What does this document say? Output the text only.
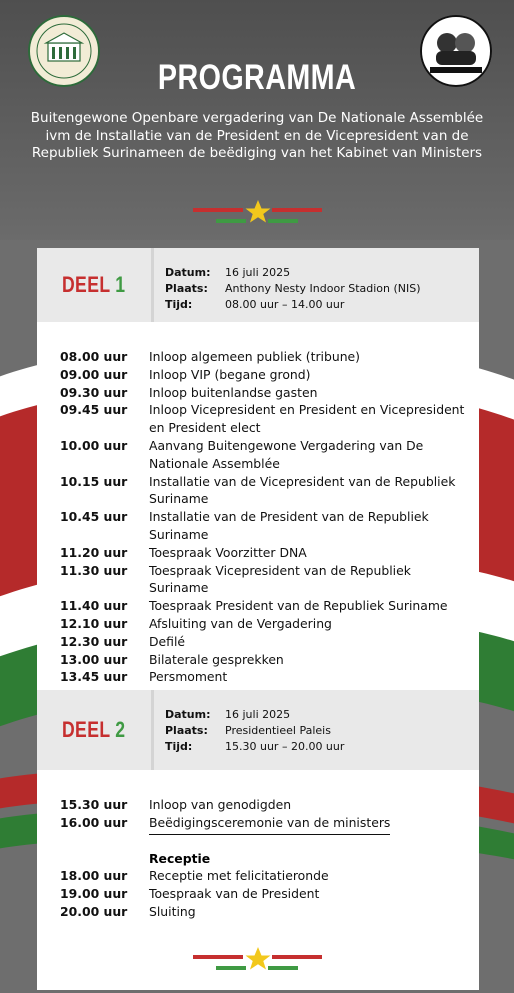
PROGRAMMA
Buitengewone Openbare vergadering van De Nationale Assemblée ivm de Installatie van de President en de Vicepresident van de Republiek Surinameen de beëdiging van het Kabinet van Ministers
DEEL 1	Datum:	16 juli 2025
Plaats:	Anthony Nesty Indoor Stadion (NIS)
Tijd:	08.00 uur – 14.00 uur
08.00 uur	Inloop algemeen publiek (tribune)
09.00 uur	Inloop VIP (begane grond)
09.30 uur	Inloop buitenlandse gasten
09.45 uur	Inloop Vicepresident en President en Vicepresident en President elect
10.00 uur	Aanvang Buitengewone Vergadering van De Nationale Assemblée
10.15 uur	Installatie van de Vicepresident van de Republiek Suriname
10.45 uur	Installatie van de President van de Republiek Suriname
11.20 uur	Toespraak Voorzitter DNA
11.30 uur	Toespraak Vicepresident van de Republiek Suriname
11.40 uur	Toespraak President van de Republiek Suriname
12.10 uur	Afsluiting van de Vergadering
12.30 uur	Defilé
13.00 uur	Bilaterale gesprekken
13.45 uur	Persmoment
DEEL 2
Datum:	16 juli 2025
Plaats:	Presidentieel Paleis
Tijd:	15.30 uur – 20.00 uur
15.30 uur	Inloop van genodigden
16.00 uur	Beëdigingsceremonie van de ministers
Receptie
18.00 uur	Receptie met felicitatieronde
19.00 uur	Toespraak van de President
20.00 uur	Sluiting
